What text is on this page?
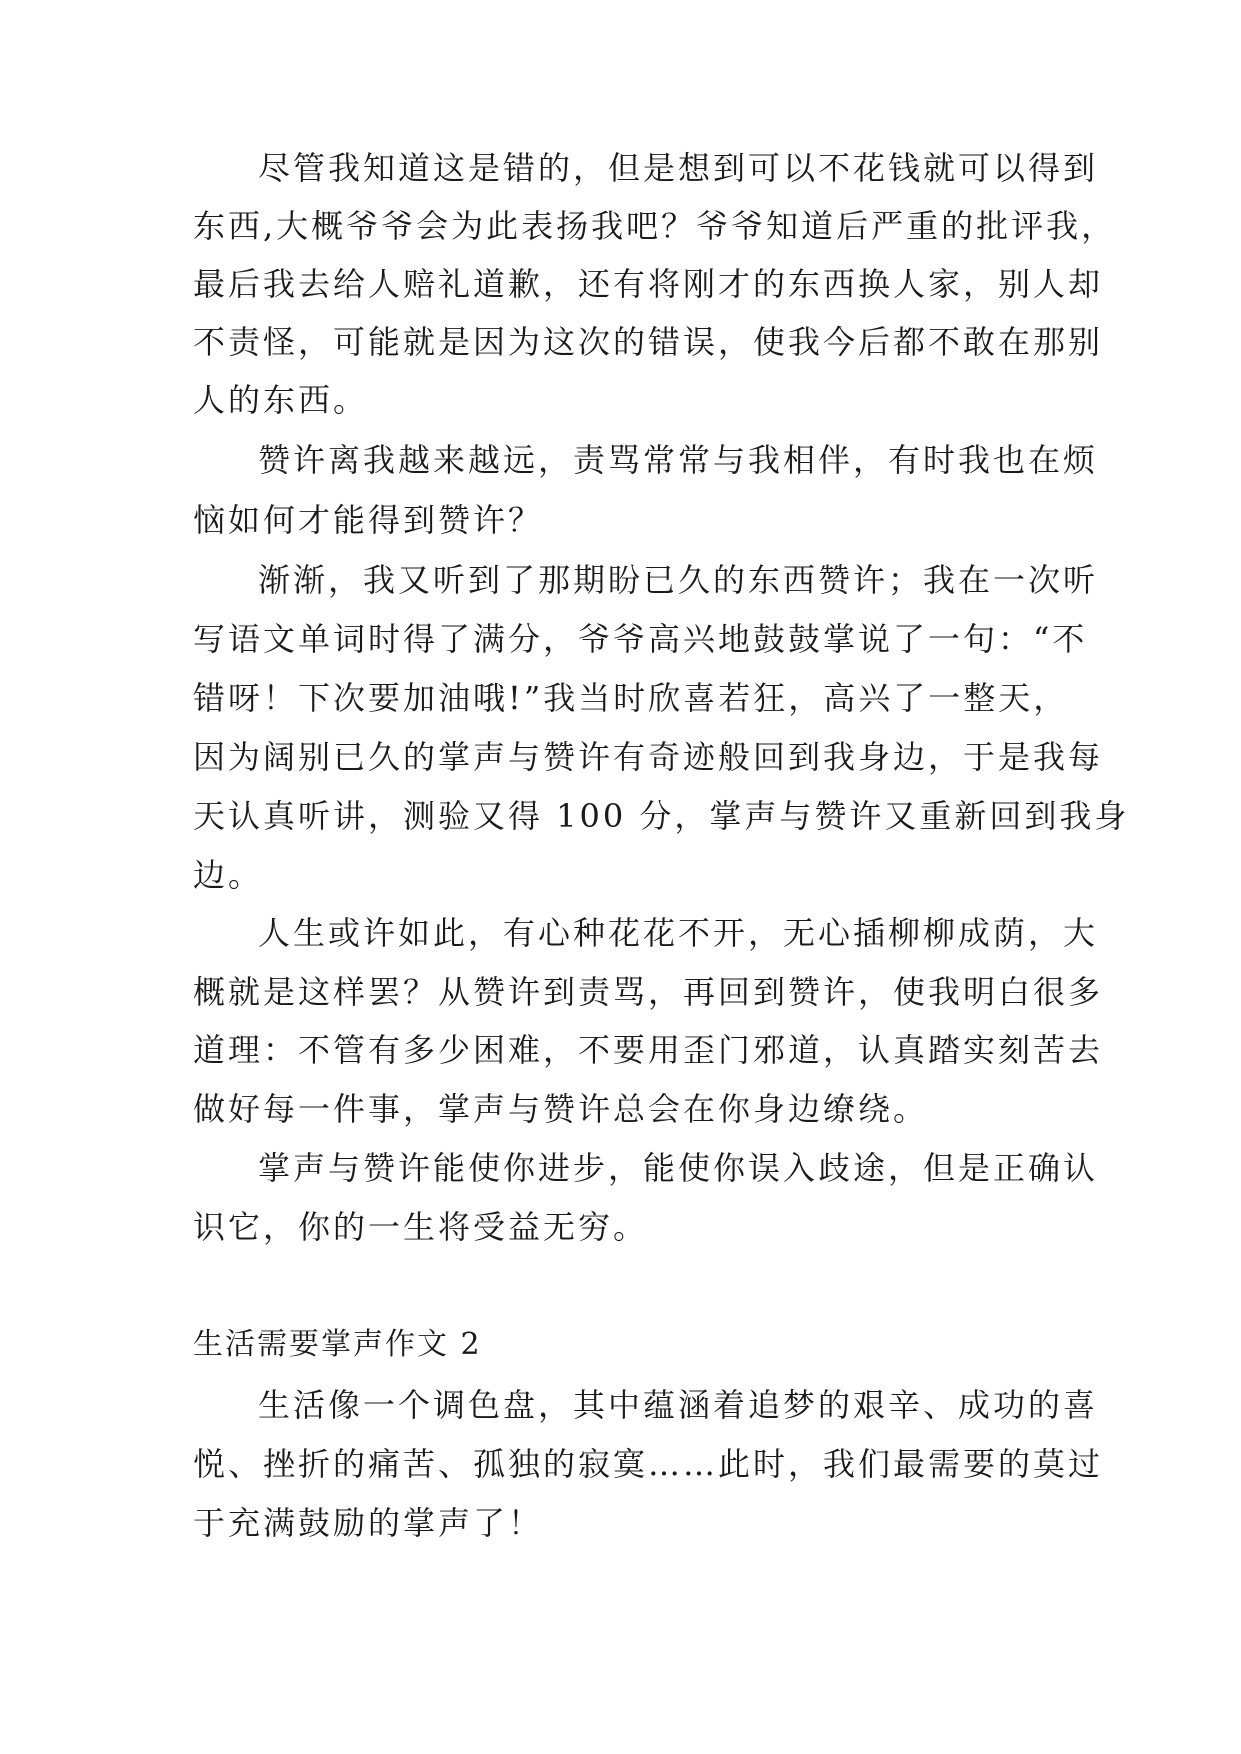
尽管我知道这是错的，但是想到可以不花钱就可以得到
东西,大概爷爷会为此表扬我吧？爷爷知道后严重的批评我，
最后我去给人赔礼道歉，还有将刚才的东西换人家，别人却
不责怪，可能就是因为这次的错误，使我今后都不敢在那别
人的东西。
赞许离我越来越远，责骂常常与我相伴，有时我也在烦
恼如何才能得到赞许？
渐渐，我又听到了那期盼已久的东西赞许；我在一次听
写语文单词时得了满分，爷爷高兴地鼓鼓掌说了一句：“不
错呀！下次要加油哦!”我当时欣喜若狂，高兴了一整天，
因为阔别已久的掌声与赞许有奇迹般回到我身边，于是我每
天认真听讲，测验又得 100 分，掌声与赞许又重新回到我身
边。
人生或许如此，有心种花花不开，无心插柳柳成荫，大
概就是这样罢？从赞许到责骂，再回到赞许，使我明白很多
道理：不管有多少困难，不要用歪门邪道，认真踏实刻苦去
做好每一件事，掌声与赞许总会在你身边缭绕。
掌声与赞许能使你进步，能使你误入歧途，但是正确认
识它，你的一生将受益无穷。
生活需要掌声作文 2
生活像一个调色盘，其中蕴涵着追梦的艰辛、成功的喜
悦、挫折的痛苦、孤独的寂寞……此时，我们最需要的莫过
于充满鼓励的掌声了！
